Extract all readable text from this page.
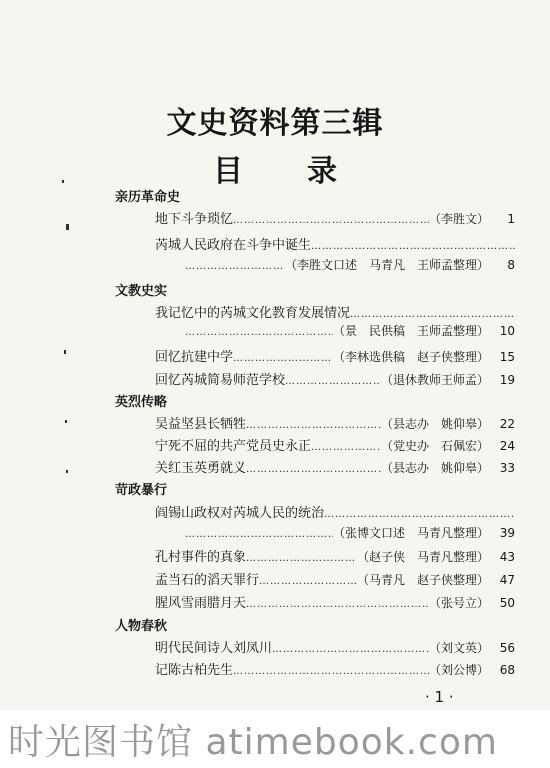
文史资料第三辑
目录
亲历革命史
地下斗争琐忆 ……………………………………………………………………………………………………	（李胜文）	1
芮城人民政府在斗争中诞生……………………………………………………………………
……………………………………………………………………………………………………
（李胜文口述　马青凡　王师孟整理）	8
文教史实
我记忆中的芮城文化教育发展情况……………………………………………………………………
……………………………………………………………………………………………………
（景　民供稿　王师孟整理） 10
回忆抗建中学 ……………………………………………………………………………………………………	（李林选供稿　赵子侠整理） 15
回忆芮城简易师范学校 ……………………………………………………………………………………………………	（退休教师王师孟） 19
英烈传略
吴益坚县长牺牲 ……………………………………………………………………………………………………	（县志办　姚仰皋） 22
宁死不屈的共产党员史永正 ……………………………………………………………………………………………………	（党史办　石佩宏） 24
关红玉英勇就义 ……………………………………………………………………………………………………	（县志办　姚仰皋） 33
苛政暴行
阎锡山政权对芮城人民的统治……………………………………………………………………
……………………………………………………………………………………………………
（张博文口述　马青凡整理） 39
孔村事件的真象 ……………………………………………………………………………………………………	（赵子侠　马青凡整理） 43
孟当石的滔天罪行 ……………………………………………………………………………………………………	（马青凡　赵子侠整理） 47
腥风雪雨腊月天 ……………………………………………………………………………………………………	（张号立） 50
人物春秋
明代民间诗人刘凤川 ……………………………………………………………………………………………………	（刘文英） 56
记陈古柏先生 ……………………………………………………………………………………………………	（刘公博） 68
· 1 ·
时光图书馆 atimebook.com
